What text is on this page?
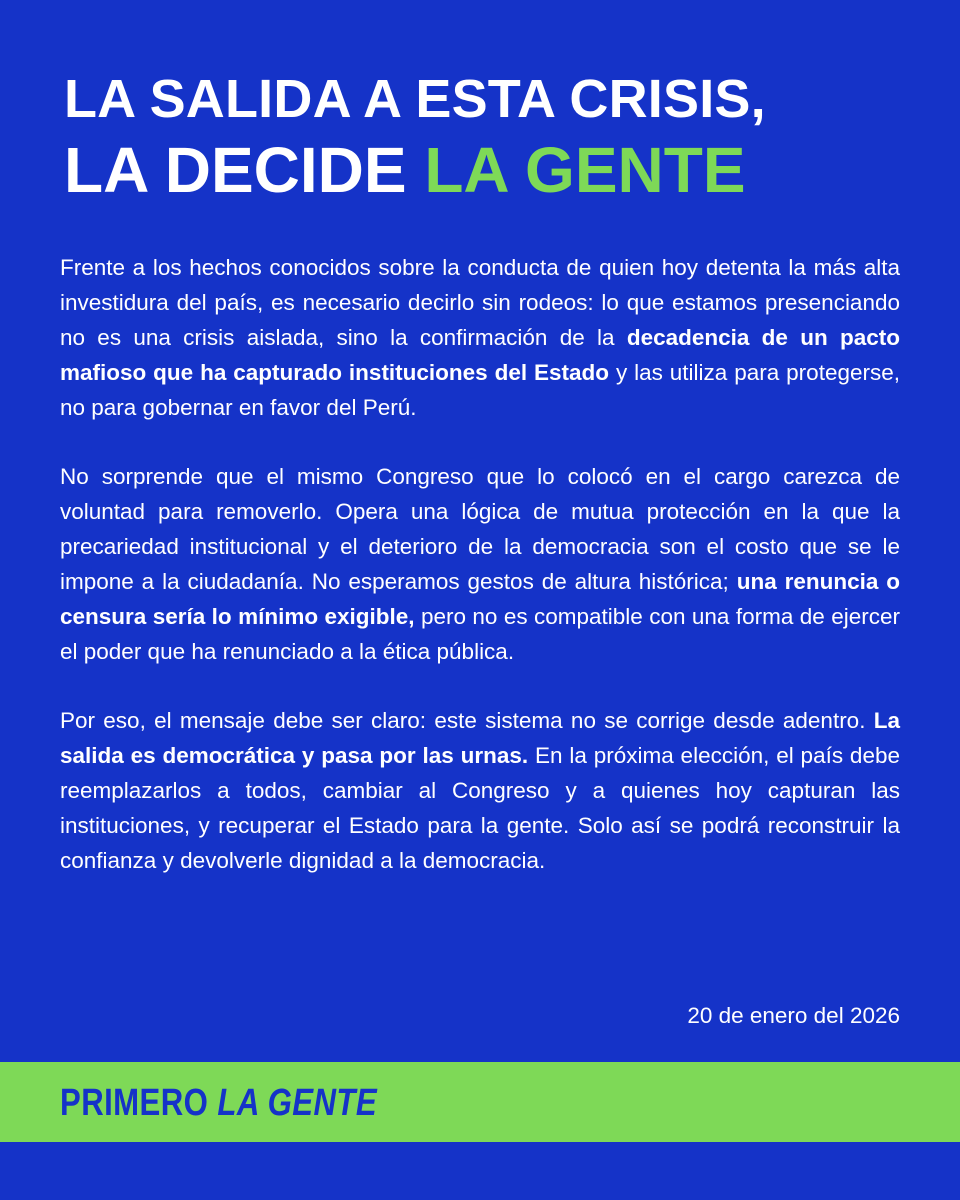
LA SALIDA A ESTA CRISIS,
LA DECIDE LA GENTE

Frente a los hechos conocidos sobre la conducta de quien hoy detenta la más alta investidura del país, es necesario decirlo sin rodeos: lo que estamos presenciando no es una crisis aislada, sino la confirmación de la decadencia de un pacto mafioso que ha capturado instituciones del Estado y las utiliza para protegerse, no para gobernar en favor del Perú.

No sorprende que el mismo Congreso que lo colocó en el cargo carezca de voluntad para removerlo. Opera una lógica de mutua protección en la que la precariedad institucional y el deterioro de la democracia son el costo que se le impone a la ciudadanía. No esperamos gestos de altura histórica; una renuncia o censura sería lo mínimo exigible, pero no es compatible con una forma de ejercer el poder que ha renunciado a la ética pública.

Por eso, el mensaje debe ser claro: este sistema no se corrige desde adentro. La salida es democrática y pasa por las urnas. En la próxima elección, el país debe reemplazarlos a todos, cambiar al Congreso y a quienes hoy capturan las instituciones, y recuperar el Estado para la gente. Solo así se podrá reconstruir la confianza y devolverle dignidad a la democracia.

20 de enero del 2026
PRIMERO LA GENTE
